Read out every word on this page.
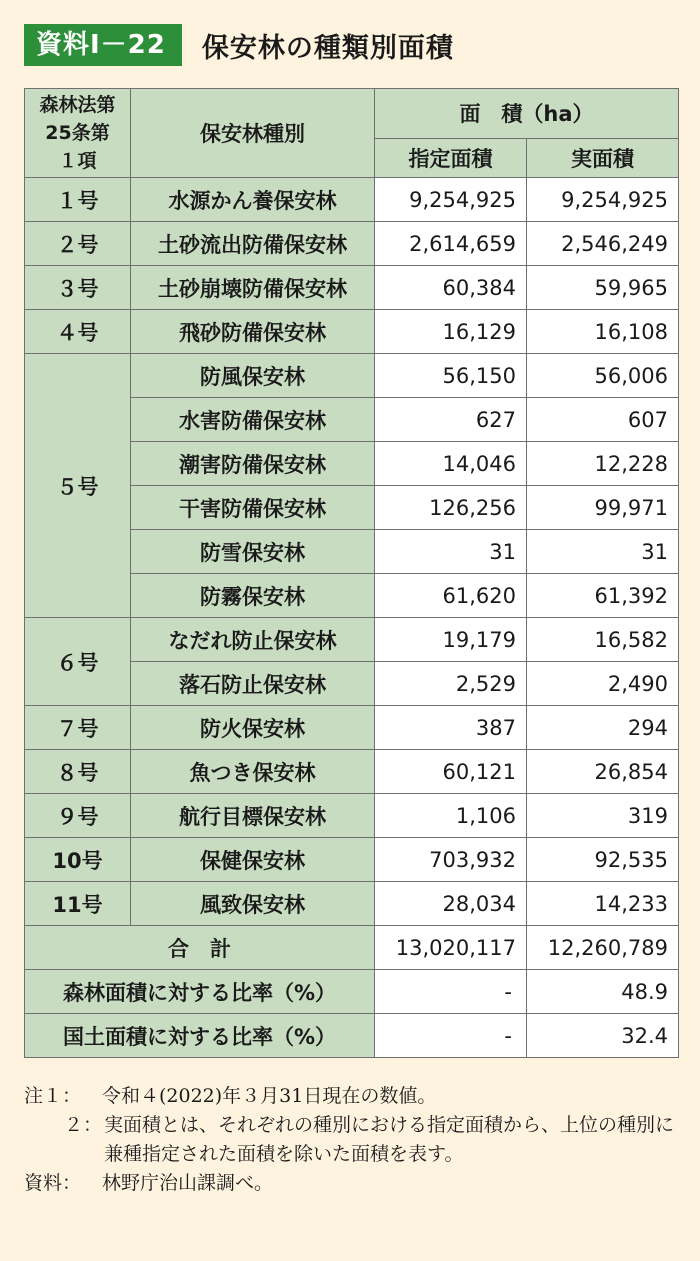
資料Ⅰ－22	保安林の種類別面積
森林法第25条第１項	保安林種別	面　積（ha）	
		指定面積	実面積
１号	水源かん養保安林	9,254,925	9,254,925
２号	土砂流出防備保安林	2,614,659	2,546,249
３号	土砂崩壊防備保安林	60,384	59,965
４号	飛砂防備保安林	16,129	16,108
５号	防風保安林	56,150	56,006
	水害防備保安林	627	607
	潮害防備保安林	14,046	12,228
	干害防備保安林	126,256	99,971
	防雪保安林	31	31
	防霧保安林	61,620	61,392
６号	なだれ防止保安林	19,179	16,582
	落石防止保安林	2,529	2,490
７号	防火保安林	387	294
８号	魚つき保安林	60,121	26,854
９号	航行目標保安林	1,106	319
10号	保健保安林	703,932	92,535
11号	風致保安林	28,034	14,233
合　計		13,020,117	12,260,789
森林面積に対する比率（%）		-	48.9
国土面積に対する比率（%）		-	32.4
注１：	令和４(2022)年３月31日現在の数値。
２： 実面積とは、それぞれの種別における指定面積から、上位の種別に兼種指定された面積を除いた面積を表す。
資料：	林野庁治山課調べ。
